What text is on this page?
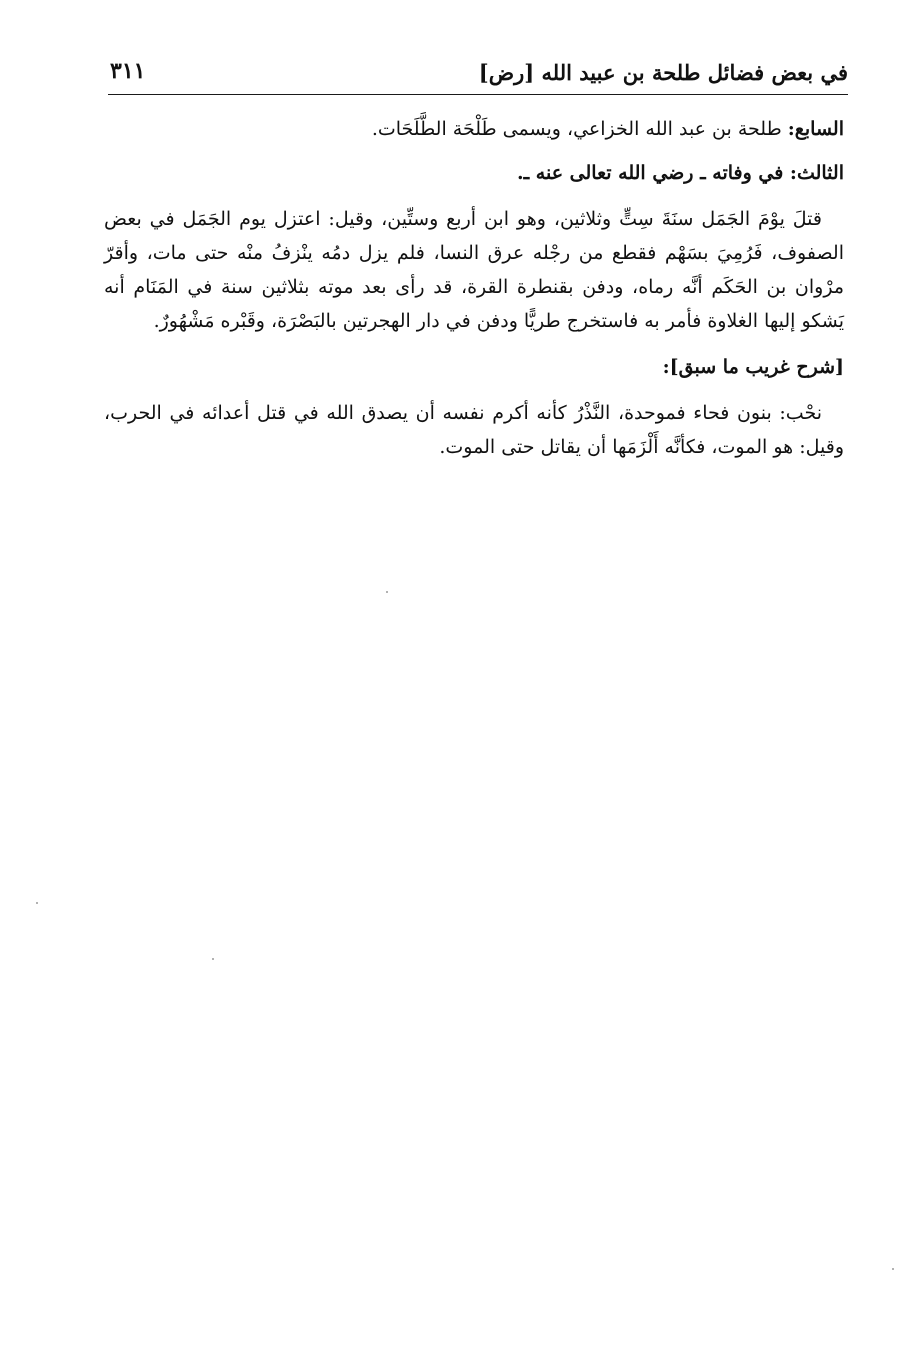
في بعض فضائل طلحة بن عبيد الله [رض]
٣١١

السابع: طلحة بن عبد الله الخزاعي، ويسمى طَلْحَة الطَّلَحَات.

الثالث: في وفاته ـ رضي الله تعالى عنه ـ.

قتلَ يوْمَ الجَمَل سنَةَ سِتٍّ وثلاثين، وهو ابن أربع وستِّين، وقيل: اعتزل يوم الجَمَل في بعض الصفوف، فَرُمِيَ بسَهْم فقطع من رجْله عرق النسا، فلم يزل دمُه ينْزفُ منْه حتى مات، وأقرّ مرْوان بن الحَكَم أنَّه رماه، ودفن بقنطرة القرة، قد رأى بعد موته بثلاثين سنة في المَنَام أنه يَشكو إليها الغلاوة فأمر به فاستخرج طريًّا ودفن في دار الهجرتين بالبَصْرَة، وقَبْره مَشْهُورٌ.

[شرح غريب ما سبق]:

نحْب: بنون فحاء فموحدة، النَّذْرُ كأنه أكرم نفسه أن يصدق الله في قتل أعدائه في الحرب، وقيل: هو الموت، فكأنَّه أَلْزَمَها أن يقاتل حتى الموت.
